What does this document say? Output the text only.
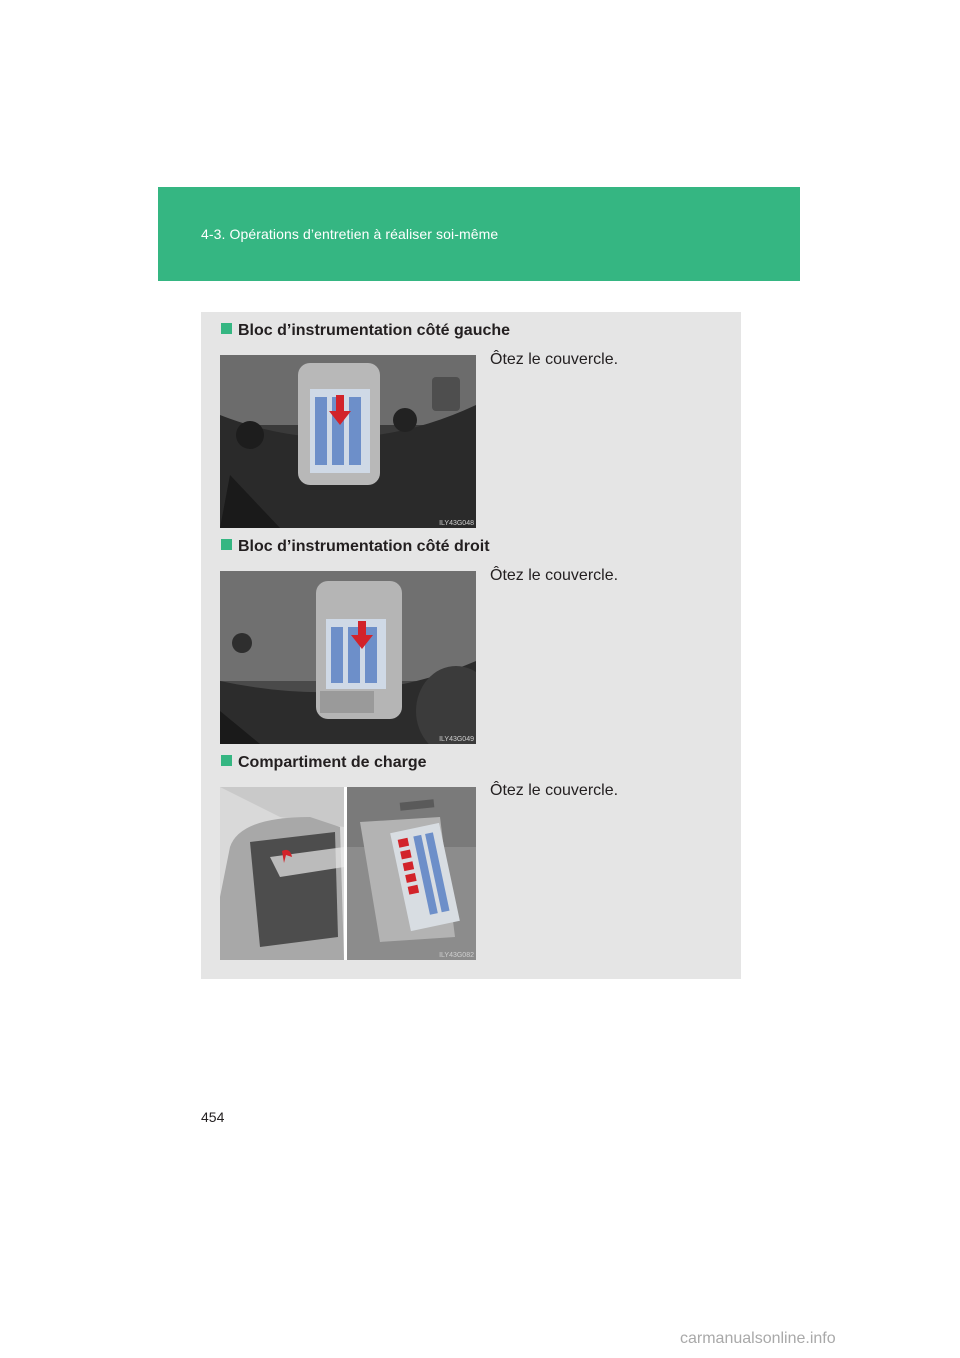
4-3. Opérations d’entretien à réaliser soi-même
Bloc d’instrumentation côté gauche
ILY43G048
Ôtez le couvercle.
Bloc d’instrumentation côté droit
ILY43G049
Ôtez le couvercle.
Compartiment de charge
ILY43G082
Ôtez le couvercle.
454
carmanualsonline.info
